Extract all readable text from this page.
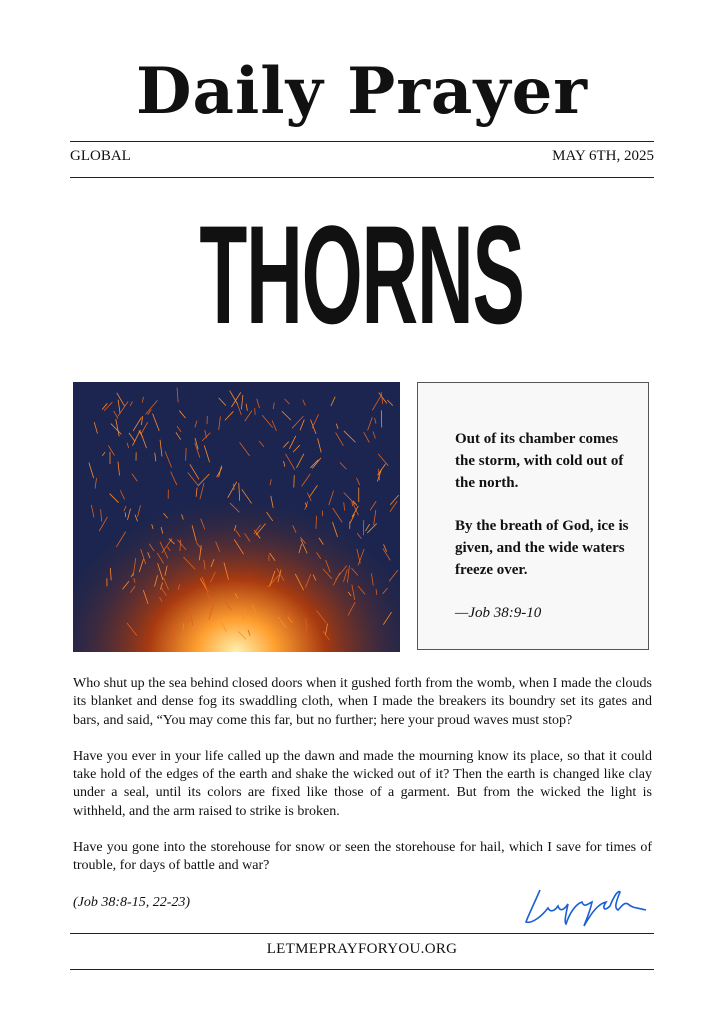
Daily Prayer
GLOBAL	MAY 6TH, 2025
THORNS

Out of its chamber comes the storm, with cold out of the north.

By the breath of God, ice is given, and the wide waters freeze over.

—Job 38:9-10

Who shut up the sea behind closed doors when it gushed forth from the womb, when I made the clouds its blanket and dense fog its swaddling cloth, when I made the breakers its boundry set its gates and bars, and said, “You may come this far, but no further; here your proud waves must stop?

Have you ever in your life called up the dawn and made the mourning know its place, so that it could take hold of the edges of the earth and shake the wicked out of it? Then the earth is changed like clay under a seal, until its colors are fixed like those of a garment. But from the wicked the light is withheld, and the arm raised to strike is broken.

Have you gone into the storehouse for snow or seen the storehouse for hail, which I save for times of trouble, for days of battle and war?

(Job 38:8-15, 22-23)
LETMEPRAYFORYOU.ORG
